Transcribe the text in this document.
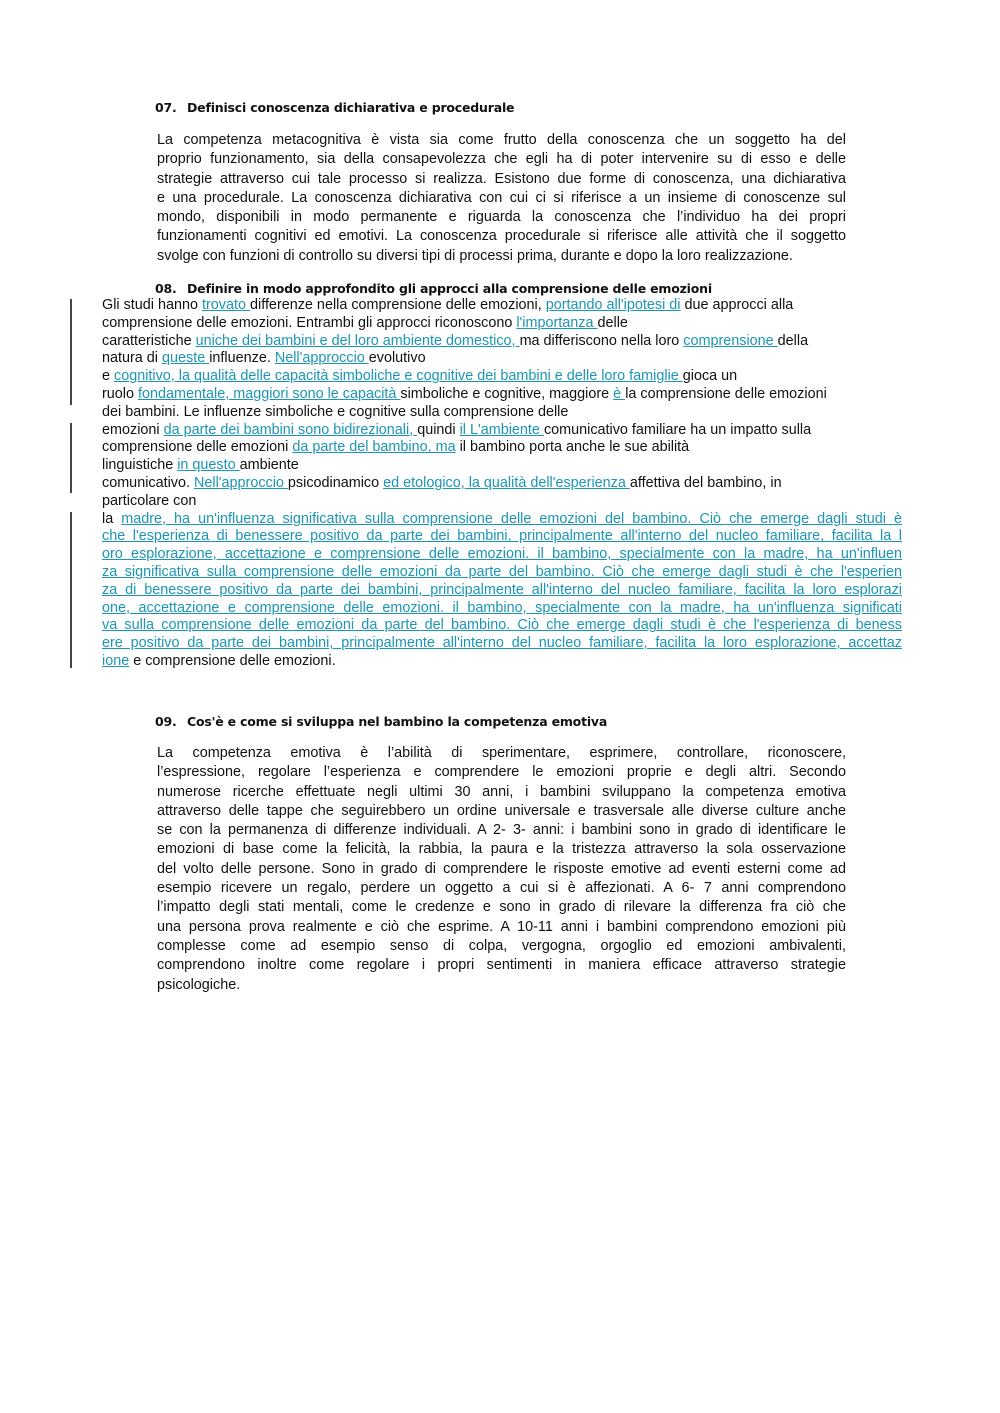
07. Definisci conoscenza dichiarativa e procedurale
La competenza metacognitiva è vista sia come frutto della conoscenza che un soggetto ha del
proprio funzionamento, sia della consapevolezza che egli ha di poter intervenire su di esso e delle
strategie attraverso cui tale processo si realizza. Esistono due forme di conoscenza, una dichiarativa
e una procedurale. La conoscenza dichiarativa con cui ci si riferisce a un insieme di conoscenze sul
mondo, disponibili in modo permanente e riguarda la conoscenza che l’individuo ha dei propri
funzionamenti cognitivi ed emotivi. La conoscenza procedurale si riferisce alle attività che il soggetto
svolge con funzioni di controllo su diversi tipi di processi prima, durante e dopo la loro realizzazione.
08. Definire in modo approfondito gli approcci alla comprensione delle emozioni
Gli studi hanno trovato differenze nella comprensione delle emozioni, portando all'ipotesi di due approcci alla
comprensione delle emozioni. Entrambi gli approcci riconoscono l'importanza delle
caratteristiche uniche dei bambini e del loro ambiente domestico, ma differiscono nella loro comprensione della
natura di queste influenze. Nell'approccio evolutivo
e cognitivo, la qualità delle capacità simboliche e cognitive dei bambini e delle loro famiglie gioca un
ruolo fondamentale, maggiori sono le capacità simboliche e cognitive, maggiore è la comprensione delle emozioni
dei bambini. Le influenze simboliche e cognitive sulla comprensione delle
emozioni da parte dei bambini sono bidirezionali, quindi il L'ambiente comunicativo familiare ha un impatto sulla
comprensione delle emozioni da parte del bambino, ma il bambino porta anche le sue abilità
linguistiche in questo ambiente
comunicativo. Nell'approccio psicodinamico ed etologico, la qualità dell'esperienza affettiva del bambino, in
particolare con
la madre, ha un'influenza significativa sulla comprensione delle emozioni del bambino. Ciò che emerge dagli studi è
che l'esperienza di benessere positivo da parte dei bambini, principalmente all'interno del nucleo familiare, facilita la l
oro esplorazione, accettazione e comprensione delle emozioni. il bambino, specialmente con la madre, ha un'influen
za significativa sulla comprensione delle emozioni da parte del bambino. Ciò che emerge dagli studi è che l'esperien
za di benessere positivo da parte dei bambini, principalmente all'interno del nucleo familiare, facilita la loro esplorazi
one, accettazione e comprensione delle emozioni. il bambino, specialmente con la madre, ha un'influenza significati
va sulla comprensione delle emozioni da parte del bambino. Ciò che emerge dagli studi è che l'esperienza di beness
ere positivo da parte dei bambini, principalmente all'interno del nucleo familiare, facilita la loro esplorazione, accettaz
ione e comprensione delle emozioni.
09. Cos'è e come si sviluppa nel bambino la competenza emotiva
La competenza emotiva è l’abilità di sperimentare, esprimere, controllare, riconoscere,
l’espressione, regolare l’esperienza e comprendere le emozioni proprie e degli altri. Secondo
numerose ricerche effettuate negli ultimi 30 anni, i bambini sviluppano la competenza emotiva
attraverso delle tappe che seguirebbero un ordine universale e trasversale alle diverse culture anche
se con la permanenza di differenze individuali. A 2- 3- anni: i bambini sono in grado di identificare le
emozioni di base come la felicità, la rabbia, la paura e la tristezza attraverso la sola osservazione
del volto delle persone. Sono in grado di comprendere le risposte emotive ad eventi esterni come ad
esempio ricevere un regalo, perdere un oggetto a cui si è affezionati. A 6- 7 anni comprendono
l’impatto degli stati mentali, come le credenze e sono in grado di rilevare la differenza fra ciò che
una persona prova realmente e ciò che esprime. A 10-11 anni i bambini comprendono emozioni più
complesse come ad esempio senso di colpa, vergogna, orgoglio ed emozioni ambivalenti,
comprendono inoltre come regolare i propri sentimenti in maniera efficace attraverso strategie
psicologiche.
